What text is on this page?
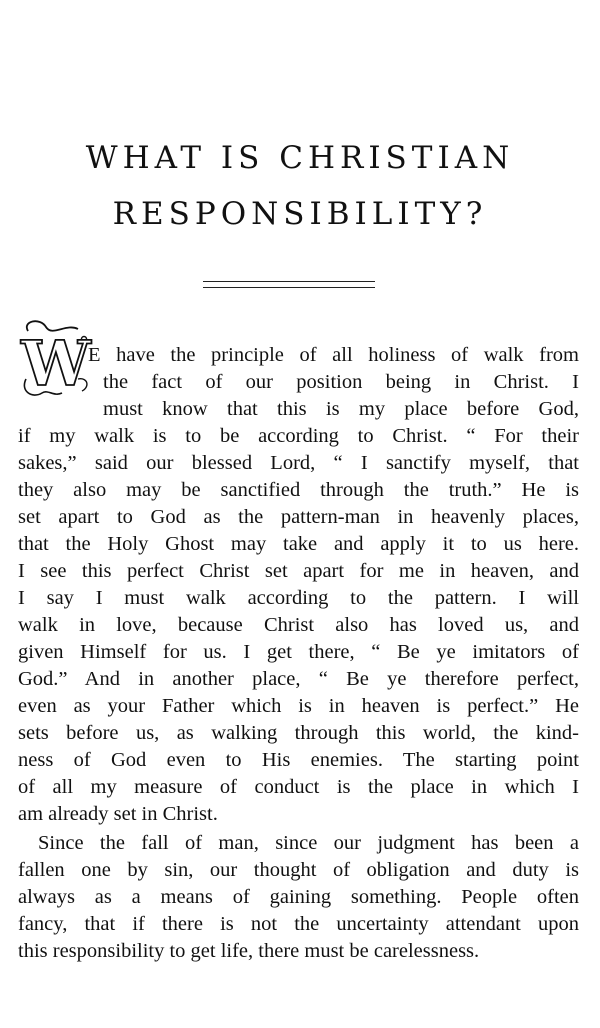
WHAT IS CHRISTIAN
RESPONSIBILITY?
W
E have the principle of all holiness of walk from
the fact of our position being in Christ. I
must know that this is my place before God,
if my walk is to be according to Christ. “ For their
sakes,” said our blessed Lord, “ I sanctify myself, that
they also may be sanctified through the truth.” He is
set apart to God as the pattern-man in heavenly places,
that the Holy Ghost may take and apply it to us here.
I see this perfect Christ set apart for me in heaven, and
I say I must walk according to the pattern. I will
walk in love, because Christ also has loved us, and
given Himself for us. I get there, “ Be ye imitators of
God.” And in another place, “ Be ye therefore perfect,
even as your Father which is in heaven is perfect.” He
sets before us, as walking through this world, the kind-
ness of God even to His enemies. The starting point
of all my measure of conduct is the place in which I
am already set in Christ.
Since the fall of man, since our judgment has been a
fallen one by sin, our thought of obligation and duty is
always as a means of gaining something. People often
fancy, that if there is not the uncertainty attendant upon
this responsibility to get life, there must be carelessness.
